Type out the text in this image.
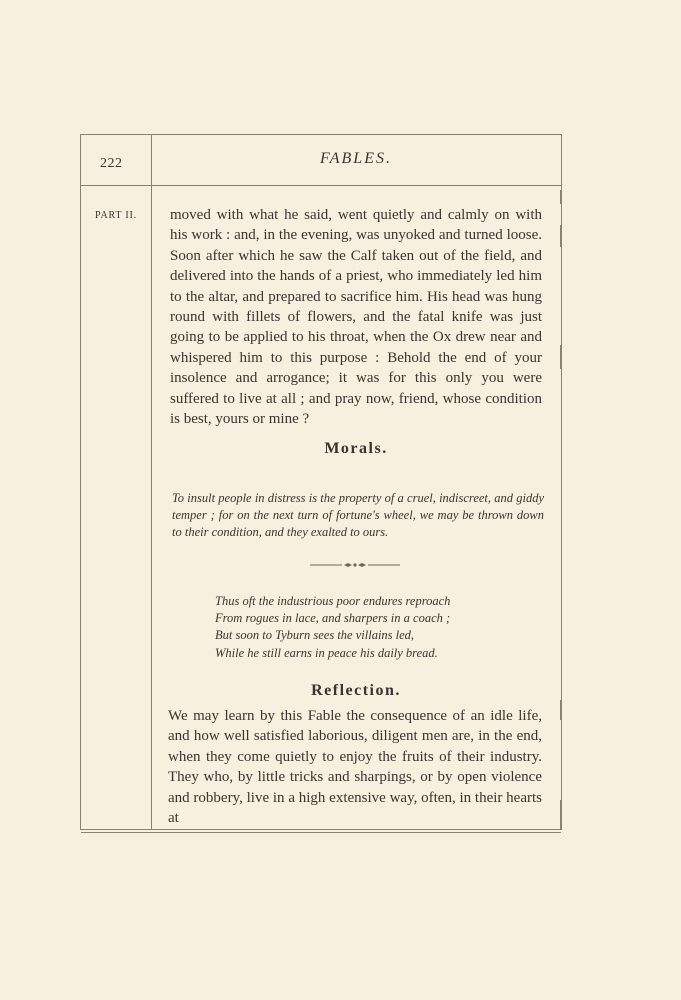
222	FABLES.
PART II.	moved with what he said, went quietly and calmly on with his work : and, in the evening, was unyoked and turned loose. Soon after which he saw the Calf taken out of the field, and delivered into the hands of a priest, who immediately led him to the altar, and prepared to sacrifice him. His head was hung round with fillets of flowers, and the fatal knife was just going to be applied to his throat, when the Ox drew near and whispered him to this purpose : Behold the end of your insolence and arrogance; it was for this only you were suffered to live at all ; and pray now, friend, whose condition is best, yours or mine ?

Morals.

To insult people in distress is the property of a cruel, indiscreet, and giddy temper ; for on the next turn of fortune's wheel, we may be thrown down to their condition, and they exalted to ours.

Thus oft the industrious poor endures reproach
From rogues in lace, and sharpers in a coach ;
But soon to Tyburn sees the villains led,
While he still earns in peace his daily bread.

Reflection.

We may learn by this Fable the consequence of an idle life, and how well satisfied laborious, diligent men are, in the end, when they come quietly to enjoy the fruits of their industry. They who, by little tricks and sharpings, or by open violence and robbery, live in a high extensive way, often, in their hearts at
